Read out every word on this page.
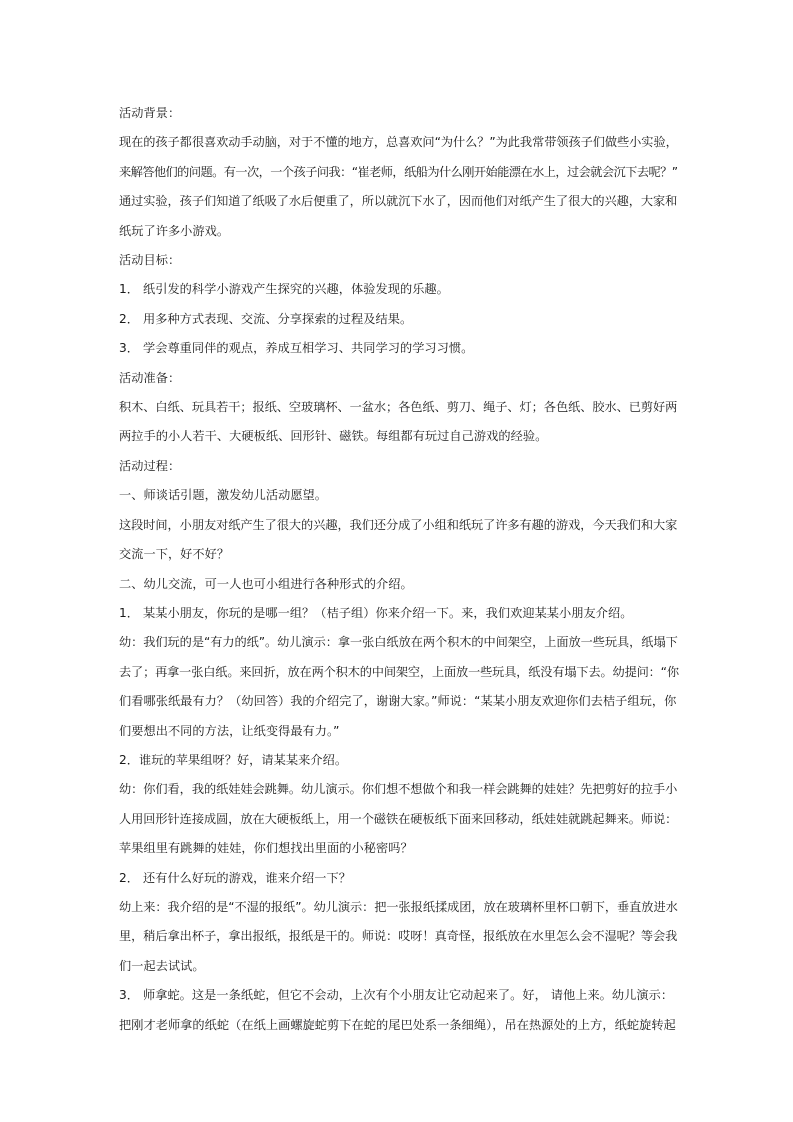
活动背景：

现在的孩子都很喜欢动手动脑，对于不懂的地方，总喜欢问“为什么？”为此我常带领孩子们做些小实验，

来解答他们的问题。有一次，一个孩子问我：“崔老师，纸船为什么刚开始能漂在水上，过会就会沉下去呢？”

通过实验，孩子们知道了纸吸了水后便重了，所以就沉下水了，因而他们对纸产生了很大的兴趣，大家和

纸玩了许多小游戏。

活动目标：

1． 纸引发的科学小游戏产生探究的兴趣，体验发现的乐趣。

2． 用多种方式表现、交流、分享探索的过程及结果。

3． 学会尊重同伴的观点，养成互相学习、共同学习的学习习惯。

活动准备：

积木、白纸、玩具若干；报纸、空玻璃杯、一盆水；各色纸、剪刀、绳子、灯；各色纸、胶水、已剪好两

两拉手的小人若干、大硬板纸、回形针、磁铁。每组都有玩过自己游戏的经验。

活动过程：

一、师谈话引题，激发幼儿活动愿望。

这段时间，小朋友对纸产生了很大的兴趣，我们还分成了小组和纸玩了许多有趣的游戏，今天我们和大家

交流一下，好不好？

二、幼儿交流，可一人也可小组进行各种形式的介绍。

1． 某某小朋友，你玩的是哪一组？（桔子组）你来介绍一下。来，我们欢迎某某小朋友介绍。

幼：我们玩的是“有力的纸”。幼儿演示：拿一张白纸放在两个积木的中间架空，上面放一些玩具，纸塌下

去了；再拿一张白纸。来回折，放在两个积木的中间架空，上面放一些玩具，纸没有塌下去。幼提问：“你

们看哪张纸最有力？（幼回答）我的介绍完了，谢谢大家。”师说：“某某小朋友欢迎你们去桔子组玩，你

们要想出不同的方法，让纸变得最有力。”

2．谁玩的苹果组呀？好，请某某来介绍。

幼：你们看，我的纸娃娃会跳舞。幼儿演示。你们想不想做个和我一样会跳舞的娃娃？先把剪好的拉手小

人用回形针连接成圆，放在大硬板纸上，用一个磁铁在硬板纸下面来回移动，纸娃娃就跳起舞来。师说：

苹果组里有跳舞的娃娃，你们想找出里面的小秘密吗？

2． 还有什么好玩的游戏，谁来介绍一下？

幼上来：我介绍的是“不湿的报纸”。幼儿演示：把一张报纸揉成团，放在玻璃杯里杯口朝下，垂直放进水

里，稍后拿出杯子，拿出报纸，报纸是干的。师说：哎呀！真奇怪，报纸放在水里怎么会不湿呢？等会我

们一起去试试。

3． 师拿蛇。这是一条纸蛇，但它不会动，上次有个小朋友让它动起来了。好， 请他上来。幼儿演示：

把刚才老师拿的纸蛇（在纸上画螺旋蛇剪下在蛇的尾巴处系一条细绳），吊在热源处的上方，纸蛇旋转起
